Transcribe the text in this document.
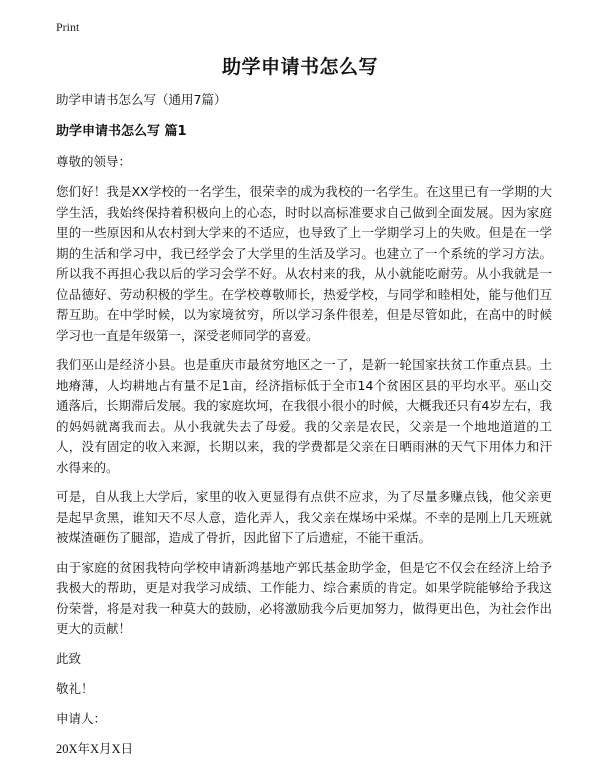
Print
助学申请书怎么写

助学申请书怎么写（通用7篇）

助学申请书怎么写 篇1

尊敬的领导：

您们好！我是XX学校的一名学生，很荣幸的成为我校的一名学生。在这里已有一学期的大学生活，我始终保持着积极向上的心态，时时以高标准要求自己做到全面发展。因为家庭里的一些原因和从农村到大学来的不适应，也导致了上一学期学习上的失败。但是在一学期的生活和学习中，我已经学会了大学里的生活及学习。也建立了一个系统的学习方法。所以我不再担心我以后的学习会学不好。从农村来的我，从小就能吃耐劳。从小我就是一位品德好、劳动积极的学生。在学校尊敬师长，热爱学校，与同学和睦相处，能与他们互帮互助。在中学时候，以为家境贫穷，所以学习条件很差，但是尽管如此，在高中的时候学习也一直是年级第一，深受老师同学的喜爱。

我们巫山是经济小县。也是重庆市最贫穷地区之一了，是新一轮国家扶贫工作重点县。土地瘠薄，人均耕地占有量不足1亩，经济指标低于全市14个贫困区县的平均水平。巫山交通落后，长期滞后发展。我的家庭坎坷，在我很小很小的时候，大概我还只有4岁左右，我的妈妈就离我而去。从小我就失去了母爱。我的父亲是农民，父亲是一个地地道道的工人，没有固定的收入来源，长期以来，我的学费都是父亲在日晒雨淋的天气下用体力和汗水得来的。

可是，自从我上大学后，家里的收入更显得有点供不应求，为了尽量多赚点钱，他父亲更是起早贪黑，谁知天不尽人意，造化弄人，我父亲在煤场中采煤。不幸的是刚上几天班就被煤渣砸伤了腿部，造成了骨折，因此留下了后遗症，不能干重活。

由于家庭的贫困我特向学校申请新鸿基地产郭氏基金助学金，但是它不仅会在经济上给予我极大的帮助，更是对我学习成绩、工作能力、综合素质的肯定。如果学院能够给予我这份荣誉，将是对我一种莫大的鼓励，必将激励我今后更加努力，做得更出色，为社会作出更大的贡献！

此致

敬礼！

申请人：

20X年X月X日
